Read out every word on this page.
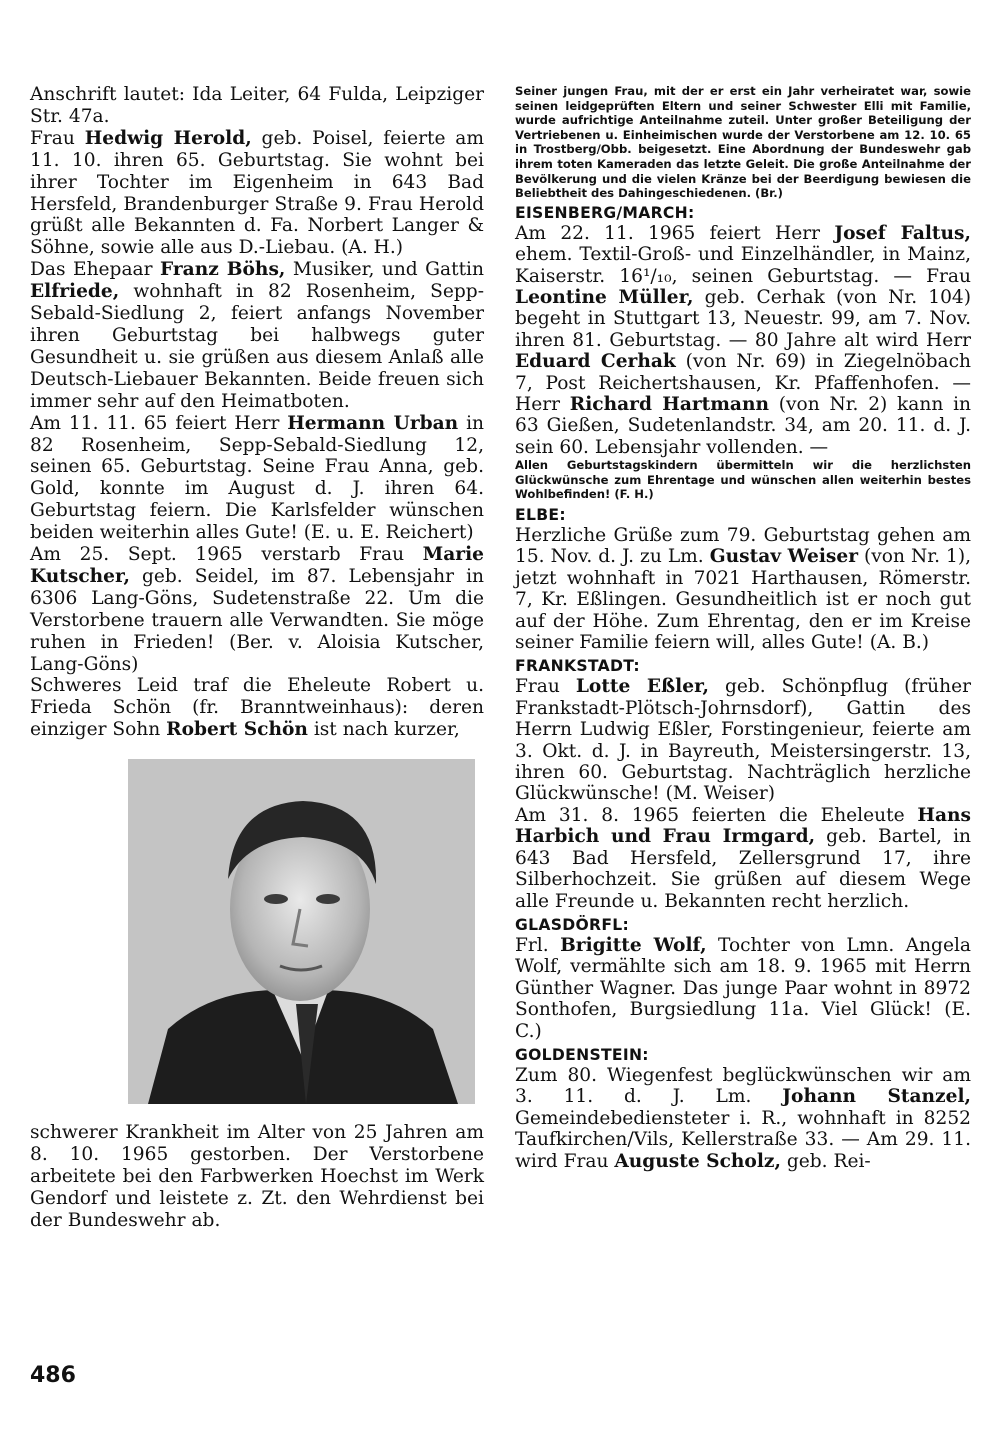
Anschrift lautet: Ida Leiter, 64 Fulda, Leipziger Str. 47a.

Frau Hedwig Herold, geb. Poisel, feierte am 11. 10. ihren 65. Geburtstag. Sie wohnt bei ihrer Tochter im Eigenheim in 643 Bad Hersfeld, Brandenburger Straße 9. Frau Herold grüßt alle Bekannten d. Fa. Norbert Langer & Söhne, sowie alle aus D.-Liebau. (A. H.)

Das Ehepaar Franz Böhs, Musiker, und Gattin Elfriede, wohnhaft in 82 Rosenheim, Sepp-Sebald-Siedlung 2, feiert anfangs November ihren Geburtstag bei halbwegs guter Gesundheit u. sie grüßen aus diesem Anlaß alle Deutsch-Liebauer Bekannten. Beide freuen sich immer sehr auf den Heimatboten.

Am 11. 11. 65 feiert Herr Hermann Urban in 82 Rosenheim, Sepp-Sebald-Siedlung 12, seinen 65. Geburtstag. Seine Frau Anna, geb. Gold, konnte im August d. J. ihren 64. Geburtstag feiern. Die Karlsfelder wünschen beiden weiterhin alles Gute! (E. u. E. Reichert)

Am 25. Sept. 1965 verstarb Frau Marie Kutscher, geb. Seidel, im 87. Lebensjahr in 6306 Lang-Göns, Sudetenstraße 22. Um die Verstorbene trauern alle Verwandten. Sie möge ruhen in Frieden! (Ber. v. Aloisia Kutscher, Lang-Göns)

Schweres Leid traf die Eheleute Robert u. Frieda Schön (fr. Branntweinhaus): deren einziger Sohn Robert Schön ist nach kurzer,

schwerer Krankheit im Alter von 25 Jahren am 8. 10. 1965 gestorben. Der Verstorbene arbeitete bei den Farbwerken Hoechst im Werk Gendorf und leistete z. Zt. den Wehrdienst bei der Bundeswehr ab.

Seiner jungen Frau, mit der er erst ein Jahr verheiratet war, sowie seinen leidgeprüften Eltern und seiner Schwester Elli mit Familie, wurde aufrichtige Anteilnahme zuteil. Unter großer Beteiligung der Vertriebenen u. Einheimischen wurde der Verstorbene am 12. 10. 65 in Trostberg/Obb. beigesetzt. Eine Abordnung der Bundeswehr gab ihrem toten Kameraden das letzte Geleit. Die große Anteilnahme der Bevölkerung und die vielen Kränze bei der Beerdigung bewiesen die Beliebtheit des Dahingeschiedenen. (Br.)

EISENBERG/MARCH:

Am 22. 11. 1965 feiert Herr Josef Faltus, ehem. Textil-Groß- und Einzelhändler, in Mainz, Kaiserstr. 16¹/₁₀, seinen Geburtstag. — Frau Leontine Müller, geb. Cerhak (von Nr. 104) begeht in Stuttgart 13, Neuestr. 99, am 7. Nov. ihren 81. Geburtstag. — 80 Jahre alt wird Herr Eduard Cerhak (von Nr. 69) in Ziegelnöbach 7, Post Reichertshausen, Kr. Pfaffenhofen. — Herr Richard Hartmann (von Nr. 2) kann in 63 Gießen, Sudetenlandstr. 34, am 20. 11. d. J. sein 60. Lebensjahr vollenden. —

Allen Geburtstagskindern übermitteln wir die herzlichsten Glückwünsche zum Ehrentage und wünschen allen weiterhin bestes Wohlbefinden! (F. H.)

ELBE:

Herzliche Grüße zum 79. Geburtstag gehen am 15. Nov. d. J. zu Lm. Gustav Weiser (von Nr. 1), jetzt wohnhaft in 7021 Harthausen, Römerstr. 7, Kr. Eßlingen. Gesundheitlich ist er noch gut auf der Höhe. Zum Ehrentag, den er im Kreise seiner Familie feiern will, alles Gute! (A. B.)

FRANKSTADT:

Frau Lotte Eßler, geb. Schönpflug (früher Frankstadt-Plötsch-Johrnsdorf), Gattin des Herrn Ludwig Eßler, Forstingenieur, feierte am 3. Okt. d. J. in Bayreuth, Meistersingerstr. 13, ihren 60. Geburtstag. Nachträglich herzliche Glückwünsche! (M. Weiser)

Am 31. 8. 1965 feierten die Eheleute Hans Harbich und Frau Irmgard, geb. Bartel, in 643 Bad Hersfeld, Zellersgrund 17, ihre Silberhochzeit. Sie grüßen auf diesem Wege alle Freunde u. Bekannten recht herzlich.

GLASDÖRFL:

Frl. Brigitte Wolf, Tochter von Lmn. Angela Wolf, vermählte sich am 18. 9. 1965 mit Herrn Günther Wagner. Das junge Paar wohnt in 8972 Sonthofen, Burgsiedlung 11a. Viel Glück! (E. C.)

GOLDENSTEIN:

Zum 80. Wiegenfest beglückwünschen wir am 3. 11. d. J. Lm. Johann Stanzel, Gemeindebediensteter i. R., wohnhaft in 8252 Taufkirchen/Vils, Kellerstraße 33. — Am 29. 11. wird Frau Auguste Scholz, geb. Rei-

486
